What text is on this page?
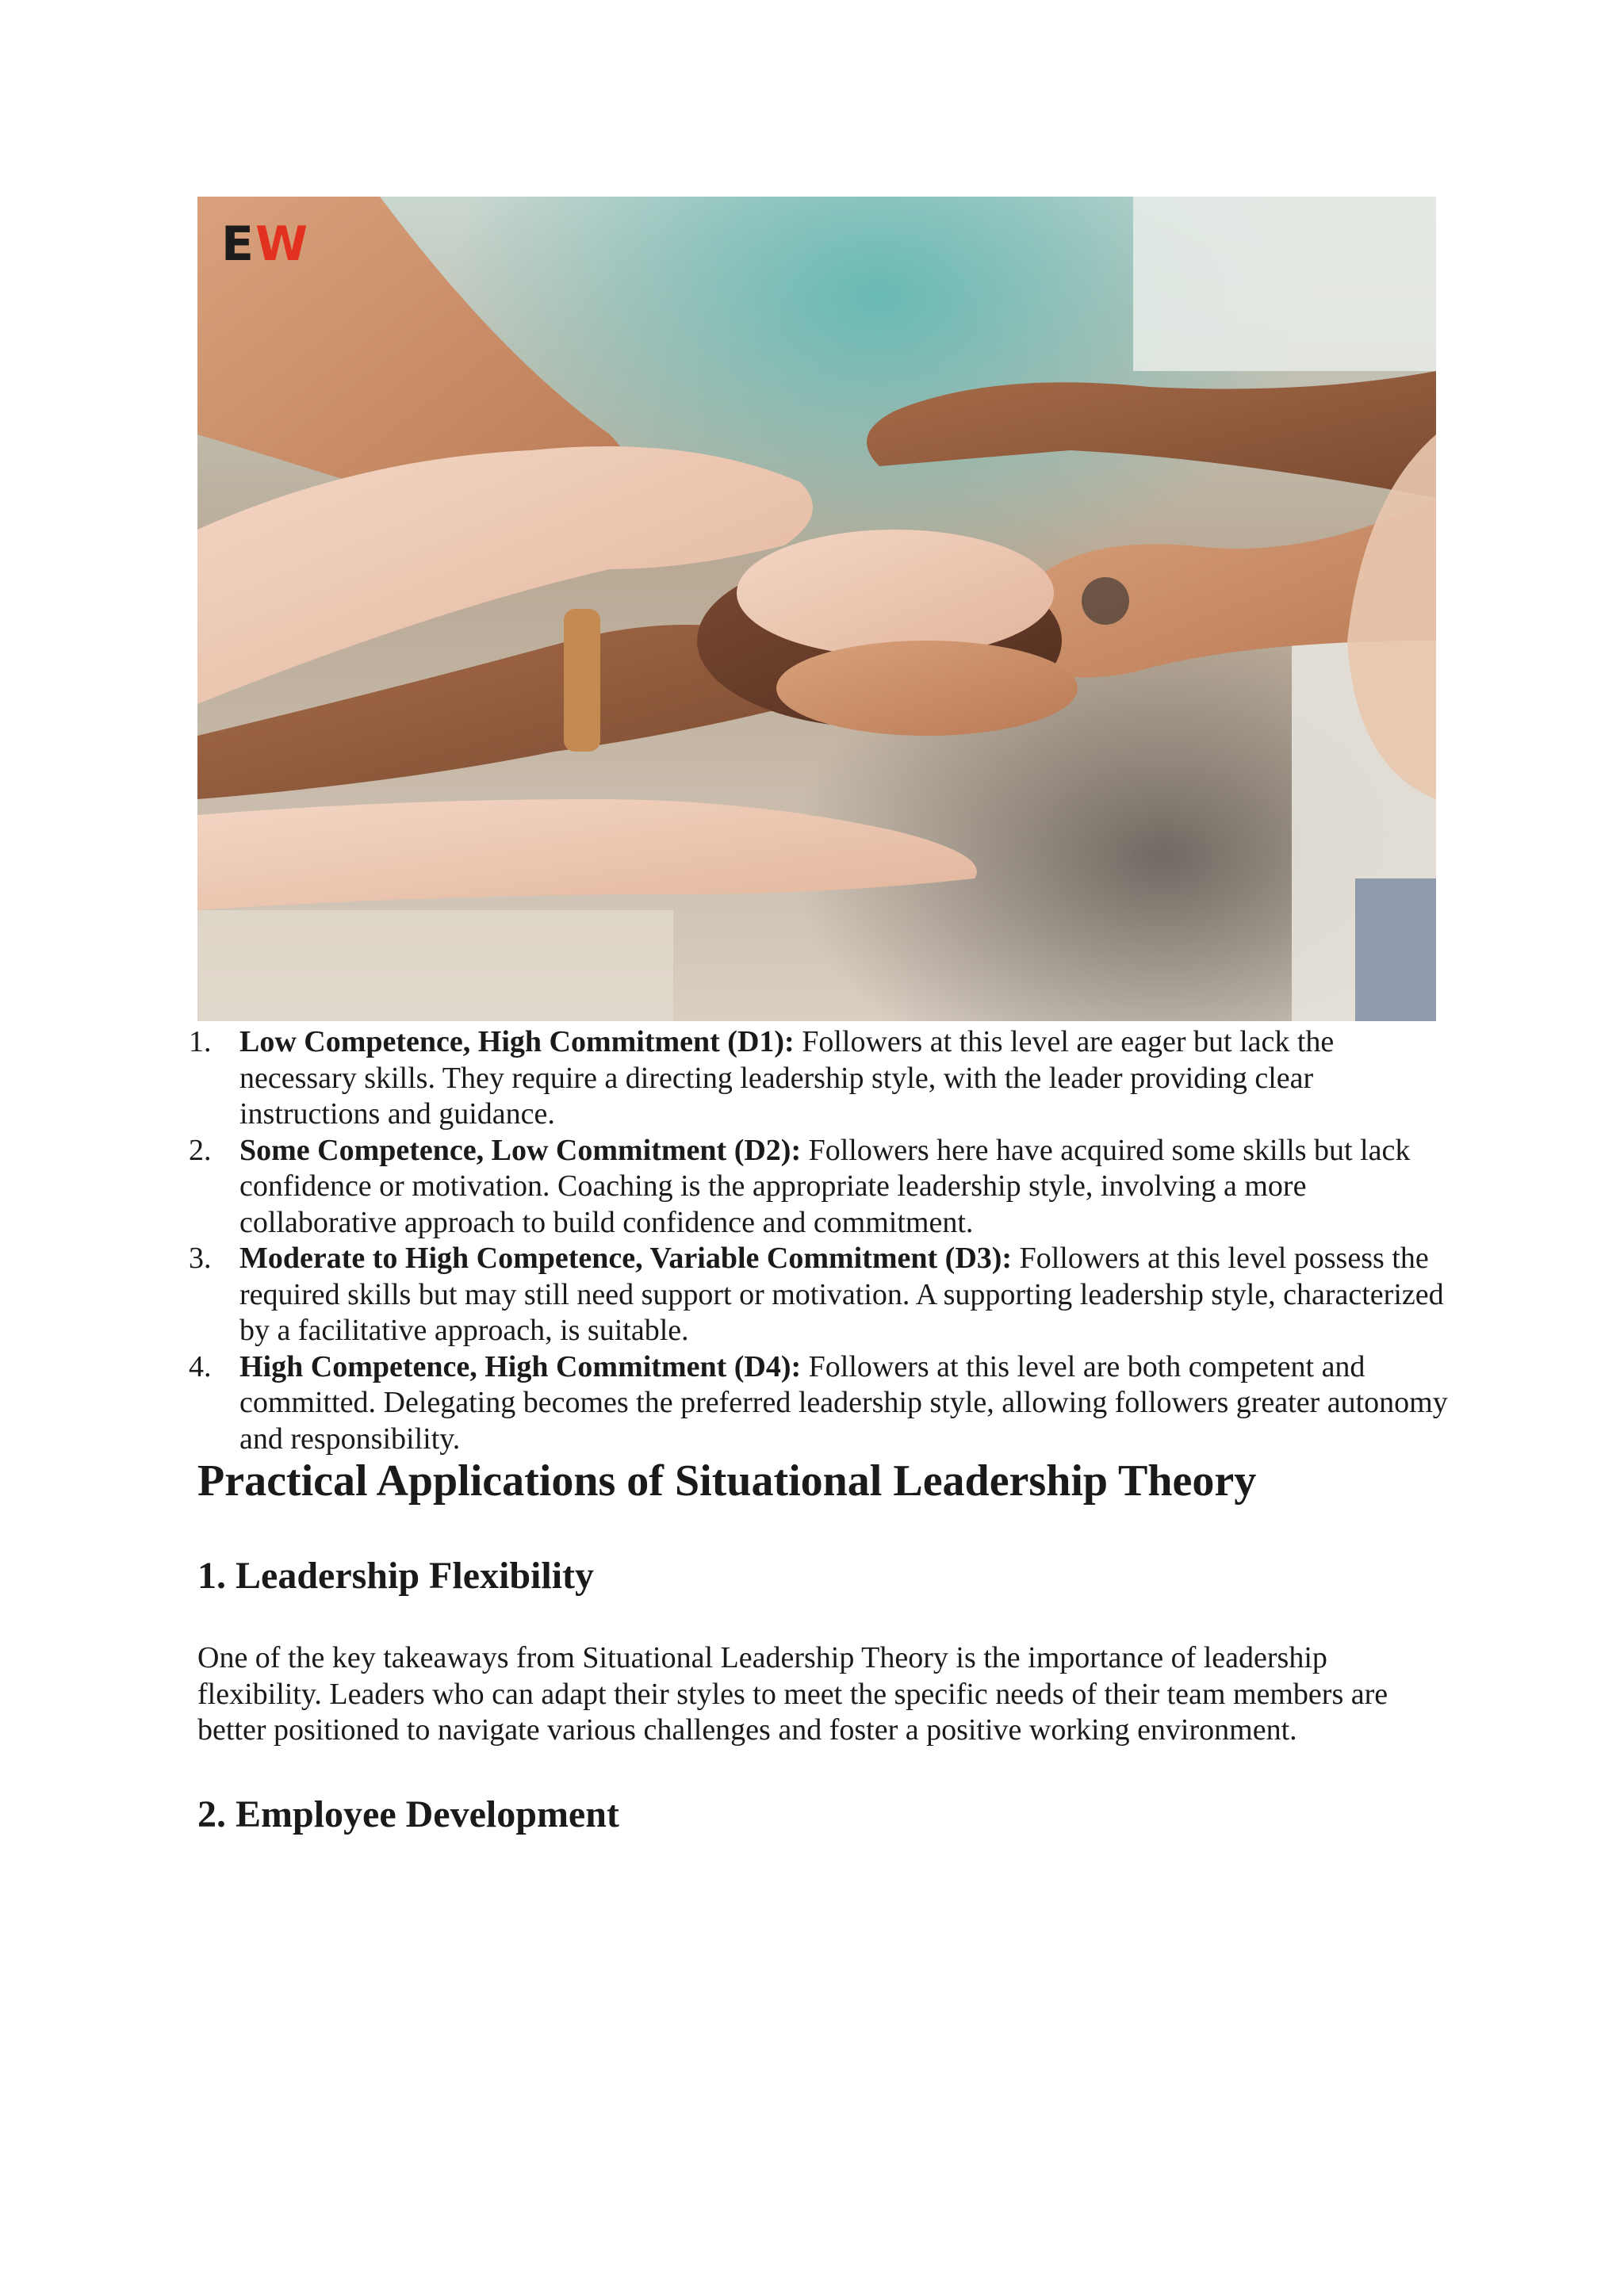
E W
1. Low Competence, High Commitment (D1): Followers at this level are eager but lack the necessary skills. They require a directing leadership style, with the leader providing clear instructions and guidance.
2. Some Competence, Low Commitment (D2): Followers here have acquired some skills but lack confidence or motivation. Coaching is the appropriate leadership style, involving a more collaborative approach to build confidence and commitment.
3. Moderate to High Competence, Variable Commitment (D3): Followers at this level possess the required skills but may still need support or motivation. A supporting leadership style, characterized by a facilitative approach, is suitable.
4. High Competence, High Commitment (D4): Followers at this level are both competent and committed. Delegating becomes the preferred leadership style, allowing followers greater autonomy and responsibility.
Practical Applications of Situational Leadership Theory
1. Leadership Flexibility

One of the key takeaways from Situational Leadership Theory is the importance of leadership flexibility. Leaders who can adapt their styles to meet the specific needs of their team members are better positioned to navigate various challenges and foster a positive working environment.

2. Employee Development
